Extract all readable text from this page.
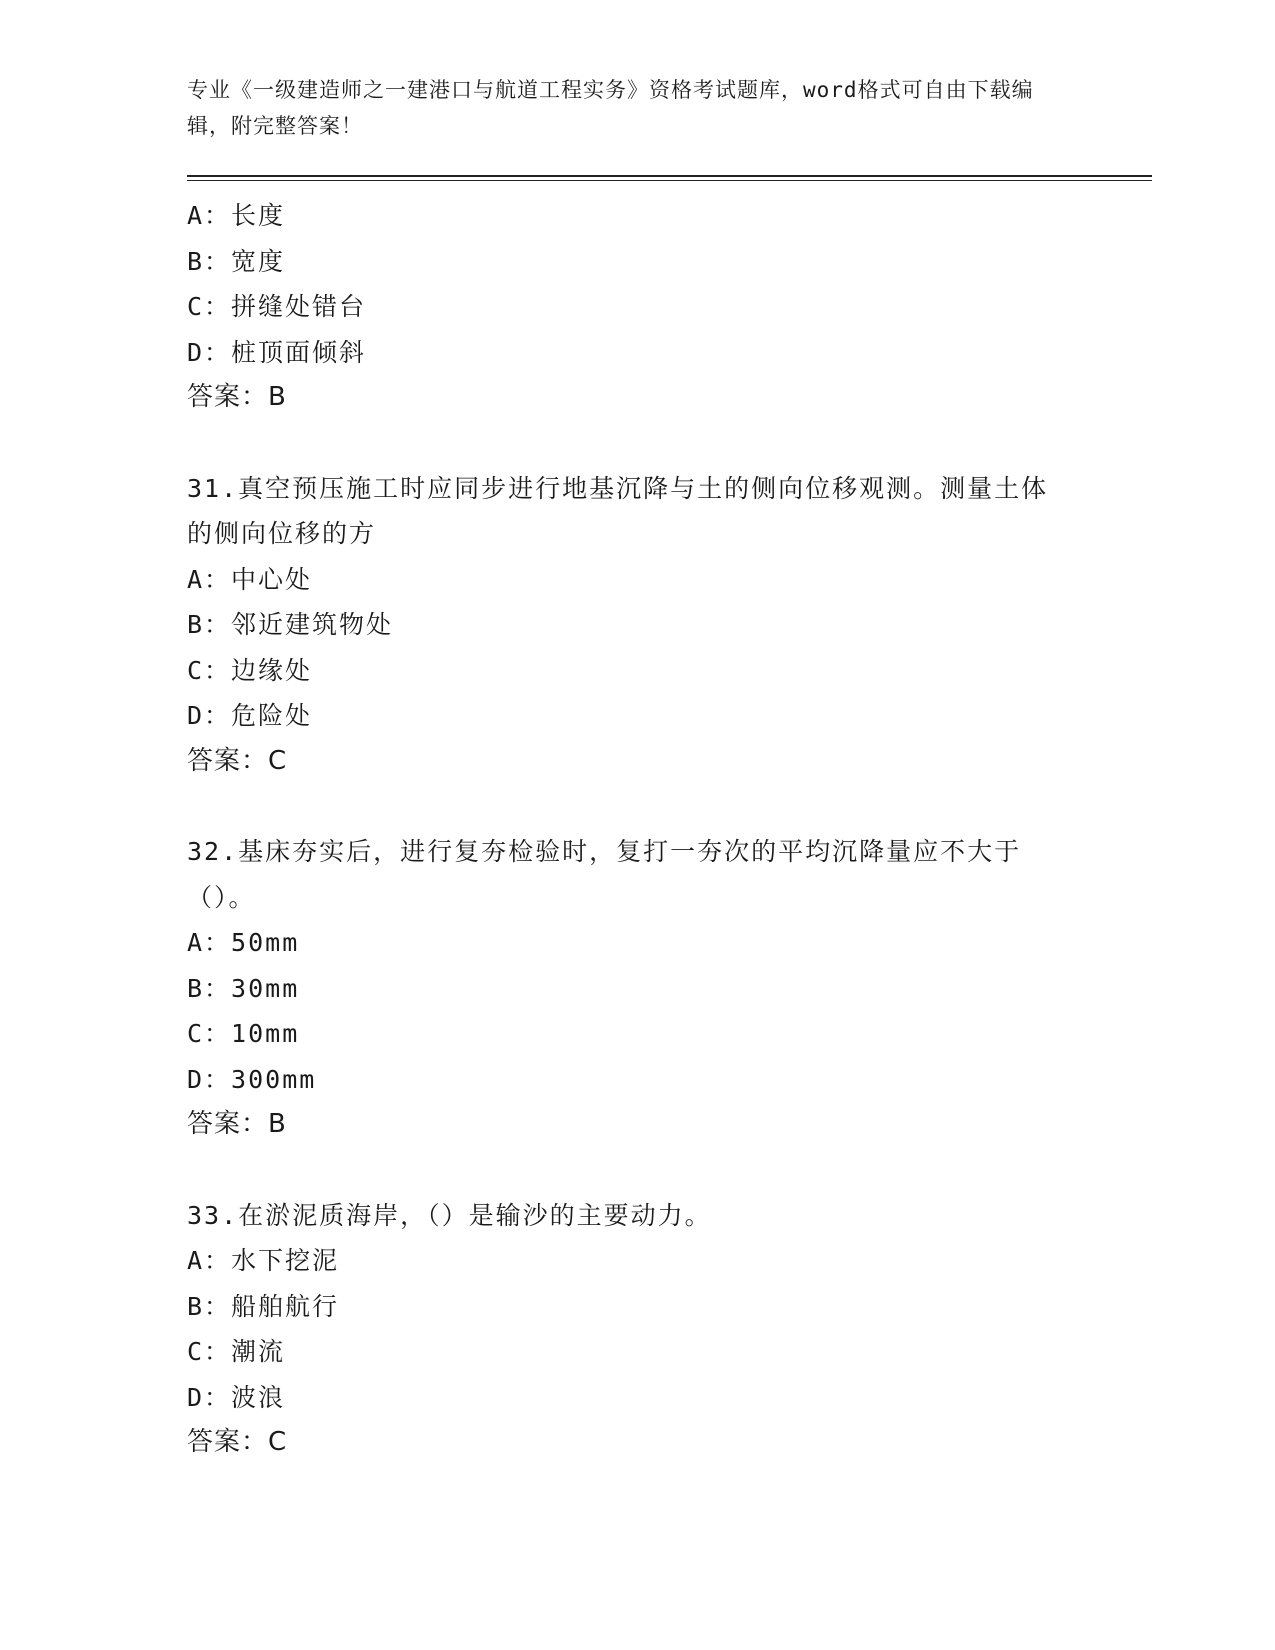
专业《一级建造师之一建港口与航道工程实务》资格考试题库，word格式可自由下载编辑，附完整答案！

A：长度

B：宽度

C：拼缝处错台

D：桩顶面倾斜

答案：B

31.真空预压施工时应同步进行地基沉降与土的侧向位移观测。测量土体的侧向位移的方

A：中心处

B：邻近建筑物处

C：边缘处

D：危险处

答案：C

32.基床夯实后，进行复夯检验时，复打一夯次的平均沉降量应不大于（）。

A：50mm

B：30mm

C：10mm

D：300mm

答案：B

33.在淤泥质海岸，（）是输沙的主要动力。

A：水下挖泥

B：船舶航行

C：潮流

D：波浪

答案：C
